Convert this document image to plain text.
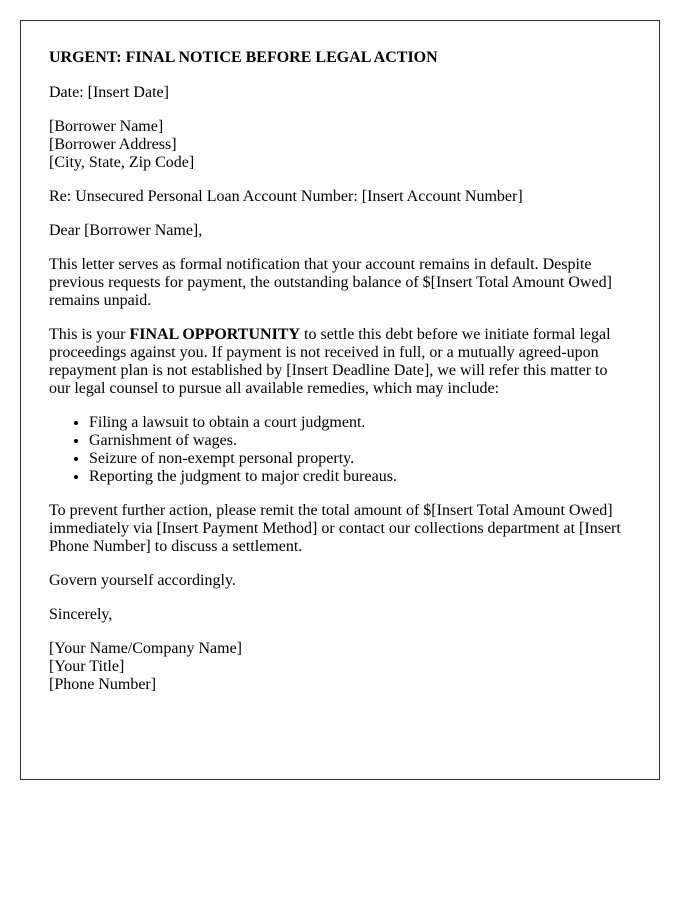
URGENT: FINAL NOTICE BEFORE LEGAL ACTION

Date: [Insert Date]

[Borrower Name]
[Borrower Address]
[City, State, Zip Code]

Re: Unsecured Personal Loan Account Number: [Insert Account Number]

Dear [Borrower Name],

This letter serves as formal notification that your account remains in default. Despite previous requests for payment, the outstanding balance of $[Insert Total Amount Owed] remains unpaid.

This is your FINAL OPPORTUNITY to settle this debt before we initiate formal legal proceedings against you. If payment is not received in full, or a mutually agreed-upon repayment plan is not established by [Insert Deadline Date], we will refer this matter to our legal counsel to pursue all available remedies, which may include:

• Filing a lawsuit to obtain a court judgment.
• Garnishment of wages.
• Seizure of non-exempt personal property.
• Reporting the judgment to major credit bureaus.

To prevent further action, please remit the total amount of $[Insert Total Amount Owed] immediately via [Insert Payment Method] or contact our collections department at [Insert Phone Number] to discuss a settlement.

Govern yourself accordingly.

Sincerely,

[Your Name/Company Name]
[Your Title]
[Phone Number]
